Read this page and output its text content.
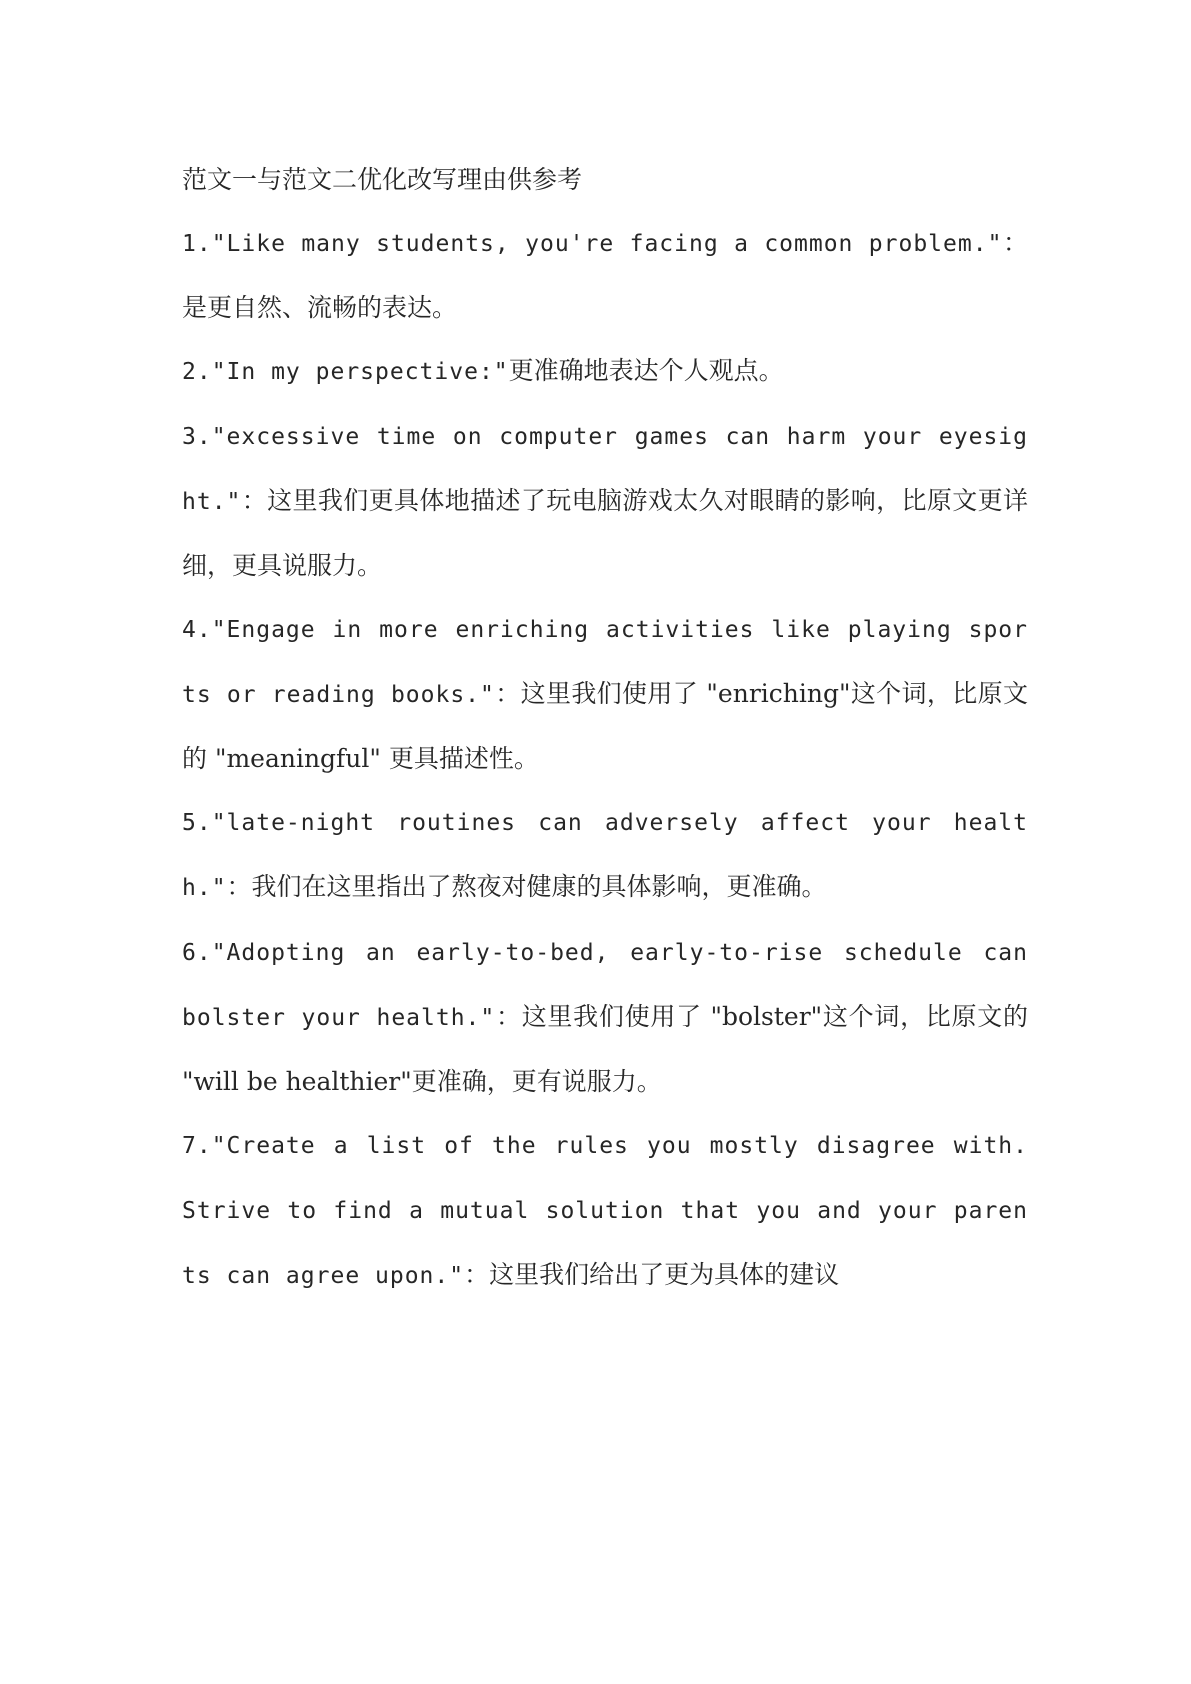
范文一与范文二优化改写理由供参考

1."Like many students, you're facing a common problem."：是更自然、流畅的表达。

2."In my perspective:"更准确地表达个人观点。

3."excessive time on computer games can harm your eyesight."：这里我们更具体地描述了玩电脑游戏太久对眼睛的影响，比原文更详细，更具说服力。

4."Engage in more enriching activities like playing sports or reading books."：这里我们使用了 "enriching"这个词，比原文的 "meaningful" 更具描述性。

5."late-night routines can adversely affect your health."：我们在这里指出了熬夜对健康的具体影响，更准确。

6."Adopting an early-to-bed, early-to-rise schedule can bolster your health."：这里我们使用了 "bolster"这个词，比原文的 "will be healthier"更准确，更有说服力。

7."Create a list of the rules you mostly disagree with. Strive to find a mutual solution that you and your parents can agree upon."：这里我们给出了更为具体的建议
